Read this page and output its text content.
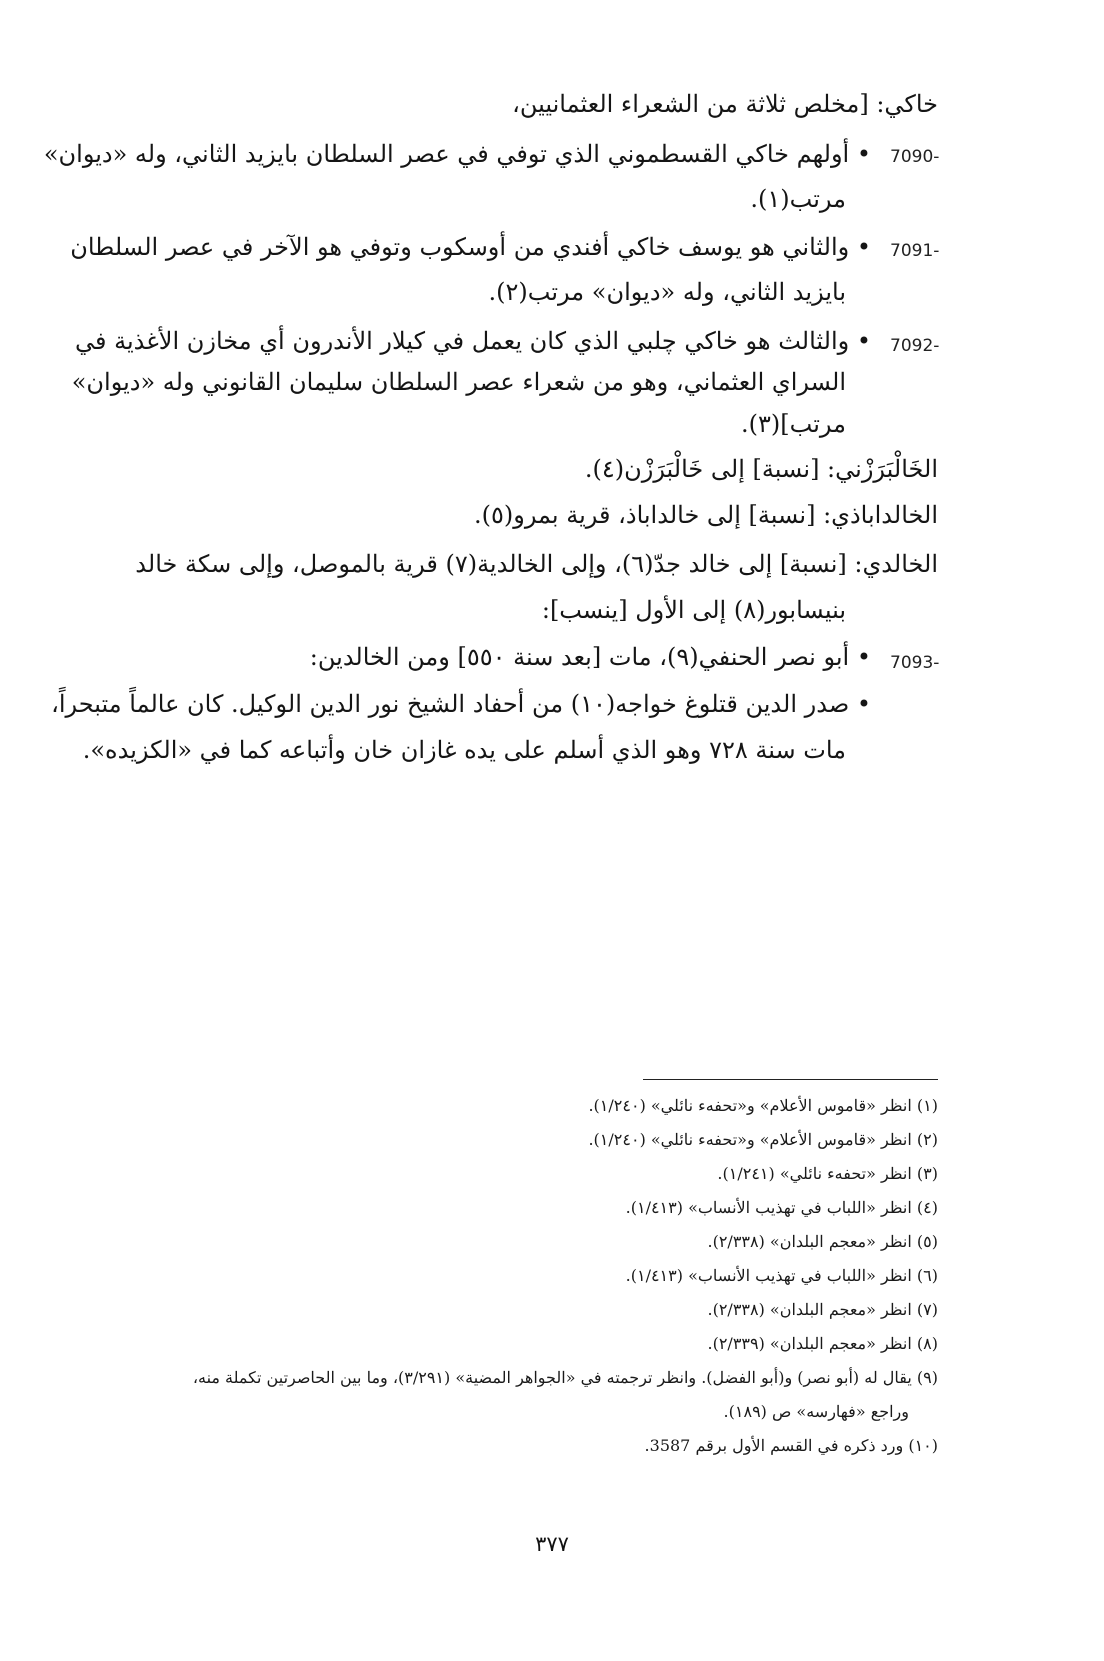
خاكي: [مخلص ثلاثة من الشعراء العثمانيين،
7090-
• أولهم خاكي القسطموني الذي توفي في عصر السلطان بايزيد الثاني، وله «ديوان»
مرتب(١).
7091-
• والثاني هو يوسف خاكي أفندي من أوسكوب وتوفي هو الآخر في عصر السلطان
بايزيد الثاني، وله «ديوان» مرتب(٢).
7092-
• والثالث هو خاكي چلبي الذي كان يعمل في كيلار الأندرون أي مخازن الأغذية في
السراي العثماني، وهو من شعراء عصر السلطان سليمان القانوني وله «ديوان»
مرتب](٣).
الخَالْبَرَزْني: [نسبة] إلى خَالْبَرَزْن(٤).
الخالداباذي: [نسبة] إلى خالداباذ، قرية بمرو(٥).
الخالدي: [نسبة] إلى خالد جدّ(٦)، وإلى الخالدية(٧) قرية بالموصل، وإلى سكة خالد
بنيسابور(٨) إلى الأول [ينسب]:
7093-
• أبو نصر الحنفي(٩)، مات [بعد سنة ٥٥٠] ومن الخالدين:
• صدر الدين قتلوغ خواجه(١٠) من أحفاد الشيخ نور الدين الوكيل. كان عالماً متبحراً،
مات سنة ٧٢٨ وهو الذي أسلم على يده غازان خان وأتباعه كما في «الكزيده».
(١) انظر «قاموس الأعلام» و«تحفهء نائلي» (١/٢٤٠).
(٢) انظر «قاموس الأعلام» و«تحفهء نائلي» (١/٢٤٠).
(٣) انظر «تحفهء نائلي» (١/٢٤١).
(٤) انظر «اللباب في تهذيب الأنساب» (١/٤١٣).
(٥) انظر «معجم البلدان» (٢/٣٣٨).
(٦) انظر «اللباب في تهذيب الأنساب» (١/٤١٣).
(٧) انظر «معجم البلدان» (٢/٣٣٨).
(٨) انظر «معجم البلدان» (٢/٣٣٩).
(٩) يقال له (أبو نصر) و(أبو الفضل). وانظر ترجمته في «الجواهر المضية» (٣/٢٩١)، وما بين الحاصرتين تكملة منه،
وراجع «فهارسه» ص (١٨٩).
(١٠) ورد ذكره في القسم الأول برقم 3587.
٣٧٧
